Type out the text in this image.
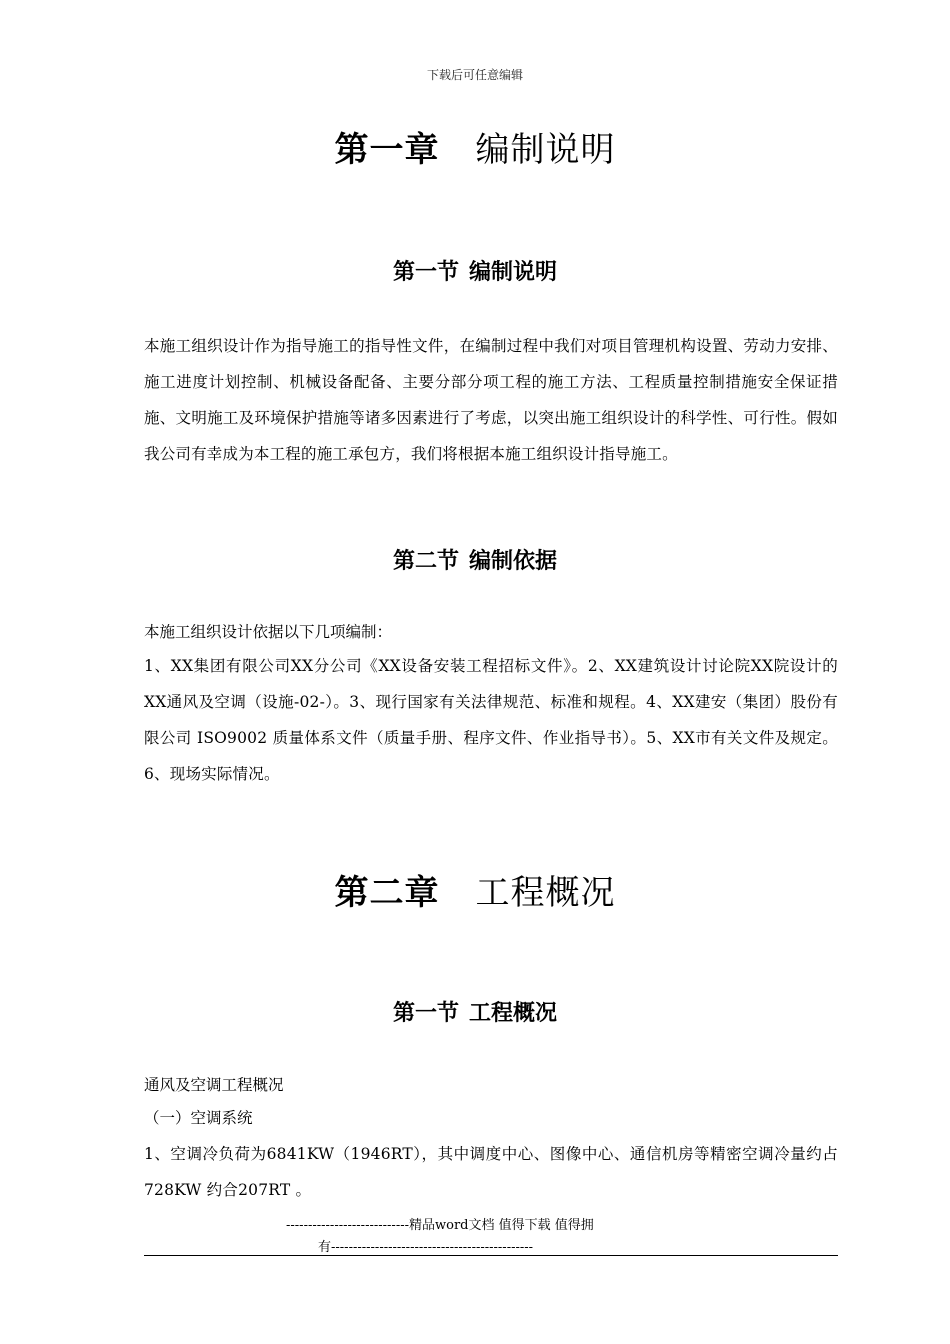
下载后可任意编辑
第一章 编制说明
第一节 编制说明
本施工组织设计作为指导施工的指导性文件，在编制过程中我们对项目管理机构设置、劳动力安排、施工进度计划控制、机械设备配备、主要分部分项工程的施工方法、工程质量控制措施安全保证措施、文明施工及环境保护措施等诸多因素进行了考虑，以突出施工组织设计的科学性、可行性。假如我公司有幸成为本工程的施工承包方，我们将根据本施工组织设计指导施工。
第二节 编制依据
本施工组织设计依据以下几项编制：
1、XX集团有限公司XX分公司《XX设备安装工程招标文件》。2、XX建筑设计讨论院XX院设计的XX通风及空调（设施-02-）。3、现行国家有关法律规范、标准和规程。4、XX建安（集团）股份有限公司 ISO9002 质量体系文件（质量手册、程序文件、作业指导书）。5、XX市有关文件及规定。6、现场实际情况。
第二章 工程概况
第一节 工程概况
通风及空调工程概况
（一）空调系统
1、空调冷负荷为6841KW（1946RT），其中调度中心、图像中心、通信机房等精密空调冷量约占728KW 约合207RT 。
----------------------------精品word文档 值得下载 值得拥
有----------------------------------------------
